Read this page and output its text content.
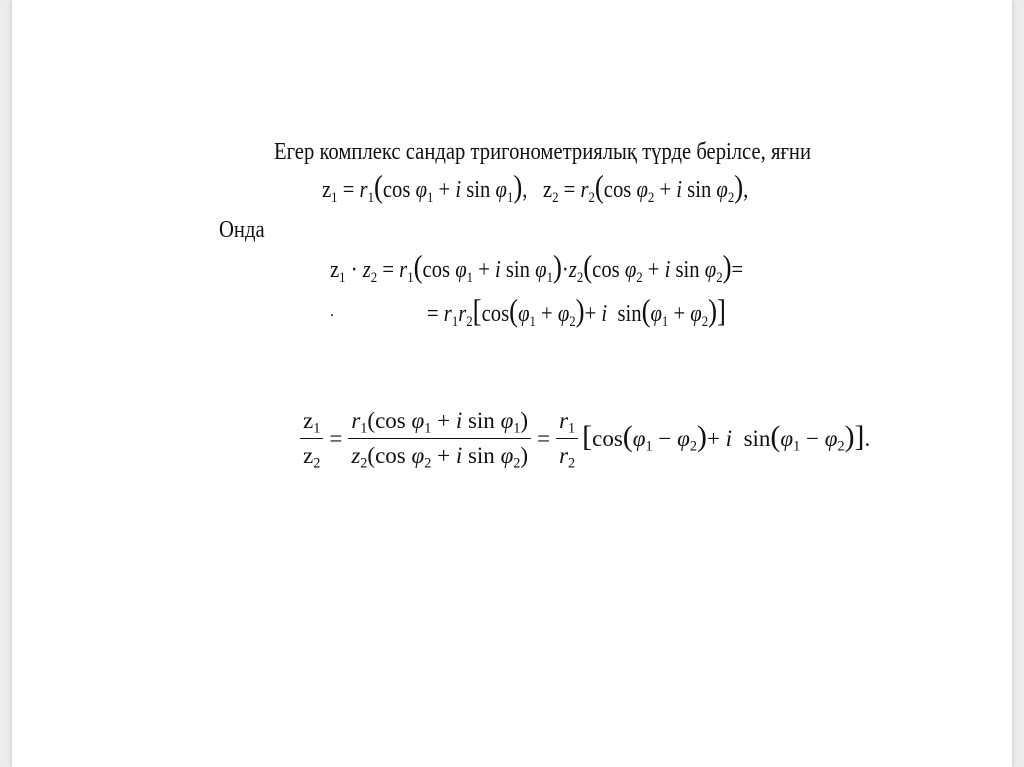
Егер комплекс сандар тригонометриялық түрде берілсе, яғни
$z_1 = r_1(\cos$ $\varphi_1 + i$ $\sin \varphi_1$),   $z_2 = r_2(\cos$ $\varphi_2 + i$ $\sin \varphi_2$),
Онда
$z_1 \cdot z_2 = r_1(\cos$ $\varphi_1 + i$ $\sin \varphi_1)\cdot z_2(\cos$ $\varphi_2 + i$ $\sin \varphi_2)=$
= $r_1r_2[\cos(\varphi_1 + \varphi_2)+ i$  $\sin(\varphi_1 + \varphi_2)$]
.
$\frac{z_1}{z_2} = \frac{r_1(\cos \varphi_1 + i \sin \varphi_1)}{z_2(\cos \varphi_2 + i \sin \varphi_2)} = \frac{r_1}{r_2} [\cos(\varphi_1 - \varphi_2)+ i$  $\sin(\varphi_1 - \varphi_2)$].
